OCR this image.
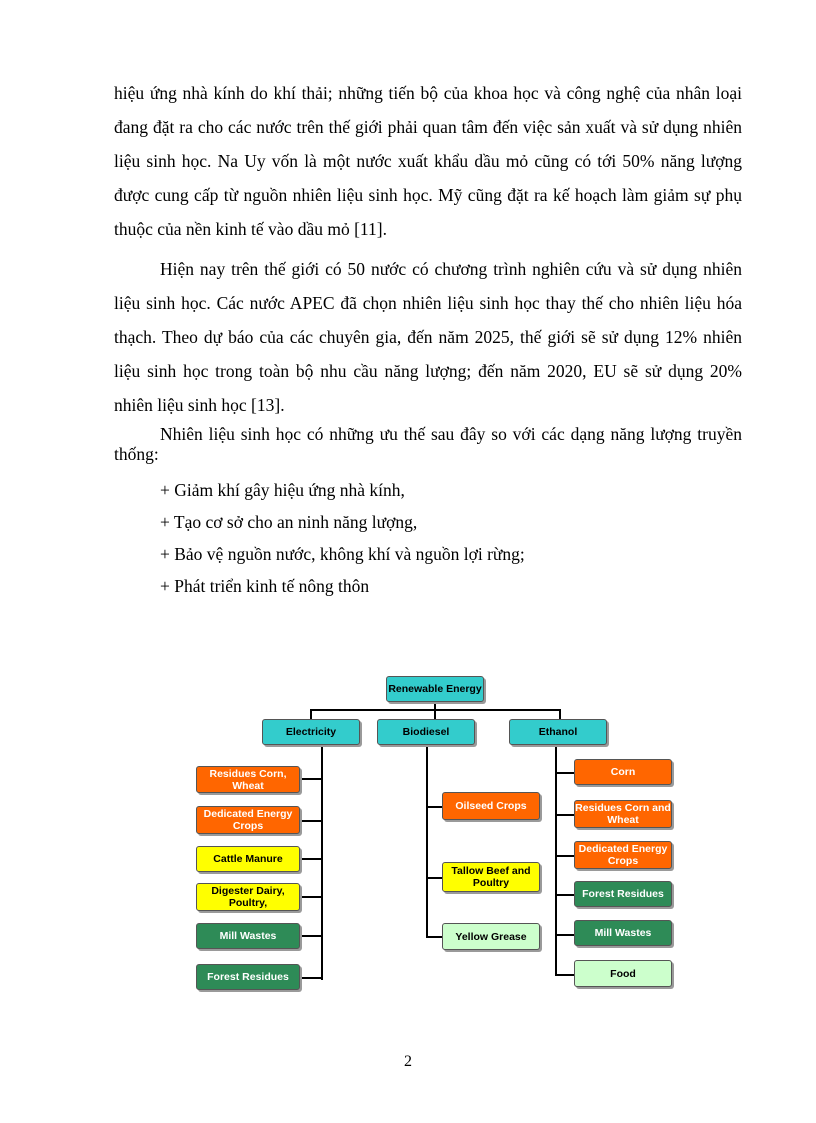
hiệu ứng nhà kính do khí thải; những tiến bộ của khoa học và công nghệ của nhân loại đang đặt ra cho các nước trên thế giới phải quan tâm đến việc sản xuất và sử dụng nhiên liệu sinh học. Na Uy vốn là một nước xuất khẩu dầu mỏ cũng có tới 50% năng lượng được cung cấp từ nguồn nhiên liệu sinh học. Mỹ cũng đặt ra kế hoạch làm giảm sự phụ thuộc của nền kinh tế vào dầu mỏ [11].

Hiện nay trên thế giới có 50 nước có chương trình nghiên cứu và sử dụng nhiên liệu sinh học. Các nước APEC đã chọn nhiên liệu sinh học thay thế cho nhiên liệu hóa thạch. Theo dự báo của các chuyên gia, đến năm 2025, thế giới sẽ sử dụng 12% nhiên liệu sinh học trong toàn bộ nhu cầu năng lượng; đến năm 2020, EU sẽ sử dụng 20% nhiên liệu sinh học [13].

Nhiên liệu sinh học có những ưu thế sau đây so với các dạng năng lượng truyền thống:

+ Giảm khí gây hiệu ứng nhà kính,
+ Tạo cơ sở cho an ninh năng lượng,
+ Bảo vệ nguồn nước, không khí và nguồn lợi rừng;
+ Phát triển kinh tế nông thôn
Renewable Energy
Electricity	Biodiesel	Ethanol
Residues Corn, Wheat
Dedicated Energy Crops
Cattle Manure
Digester Dairy, Poultry,
Mill Wastes
Forest Residues
Oilseed Crops
Tallow Beef and Poultry
Yellow Grease
Corn
Residues Corn and Wheat
Dedicated Energy Crops
Forest Residues
Mill Wastes
Food
2
